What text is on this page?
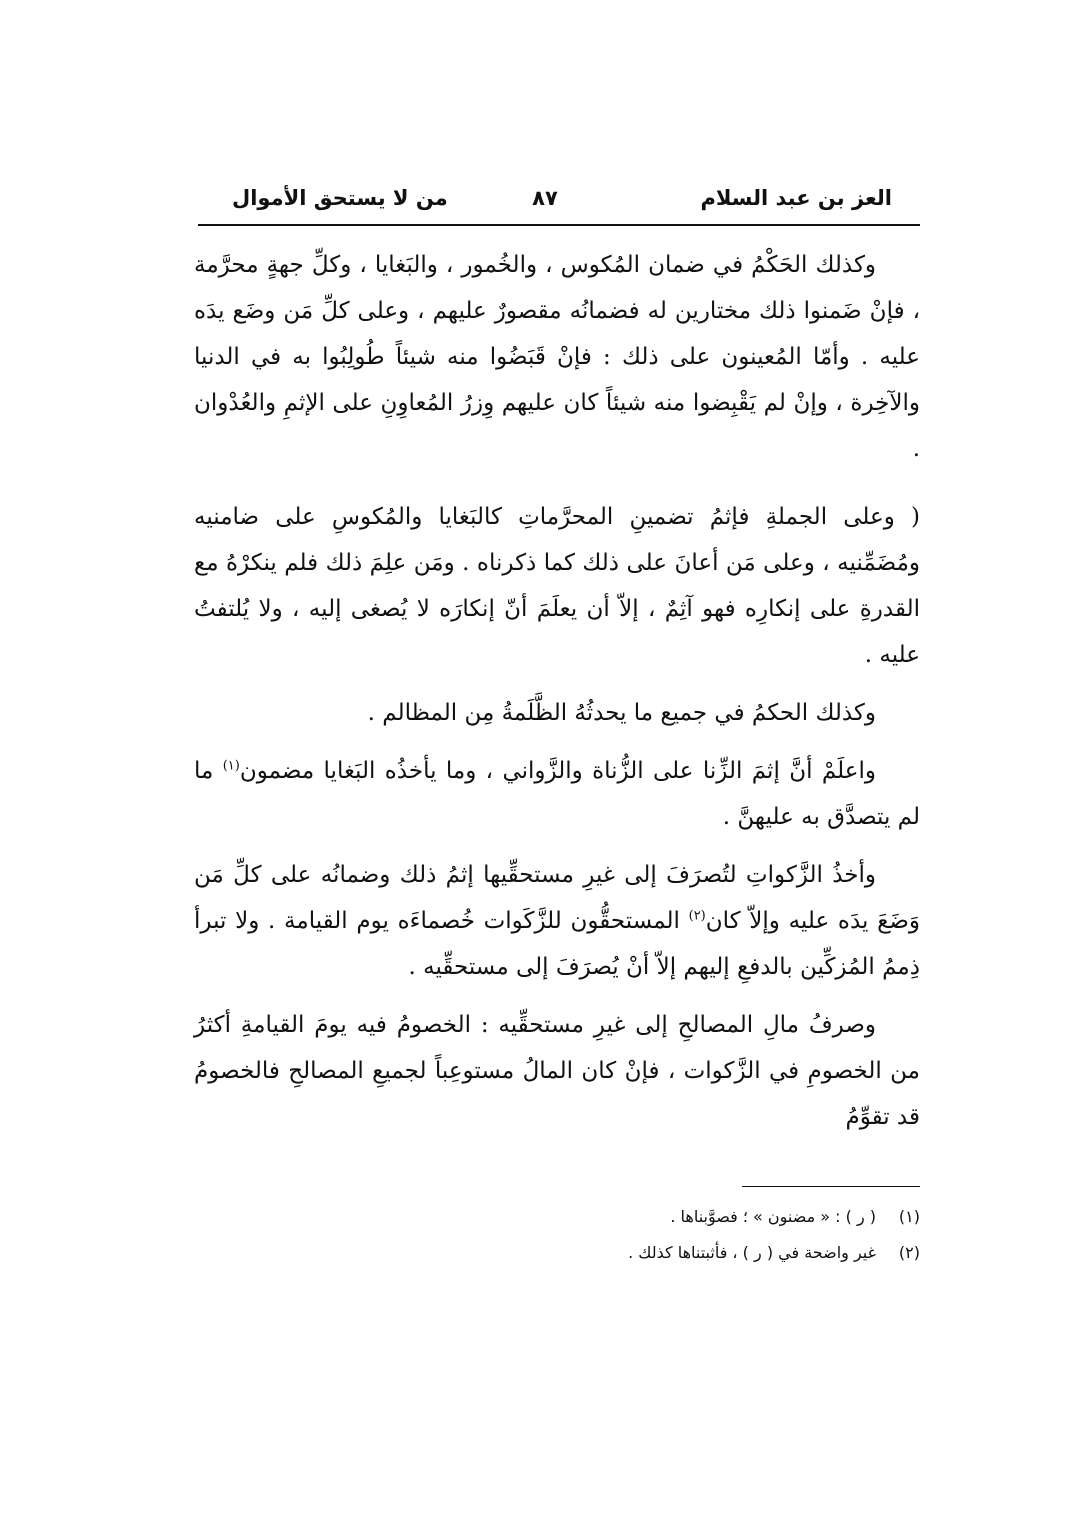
العز بن عبد السلام
٨٧
من لا يستحق الأموال

وكذلك الحَكْمُ في ضمان المُكوس ، والخُمور ، والبَغايا ، وكلِّ جهةٍ محرَّمة ، فإنْ ضَمنوا ذلك مختارين له فضمانُه مقصورٌ عليهم ، وعلى كلِّ مَن وضَع يدَه عليه . وأمّا المُعينون على ذلك : فإنْ قَبَضُوا منه شيئاً طُولِبُوا به في الدنيا والآخِرة ، وإنْ لم يَقْبِضوا منه شيئاً كان عليهم وِزرُ المُعاوِنِ على الإثمِ والعُدْوان .

( وعلى الجملةِ فإثمُ تضمينِ المحرَّماتِ كالبَغايا والمُكوسِ على ضامنيه ومُضَمِّنيه ، وعلى مَن أعانَ على ذلك كما ذكرناه . ومَن علِمَ ذلك فلم ينكرْهُ مع القدرةِ على إنكارِه فهو آثِمٌ ، إلاّ أن يعلَمَ أنّ إنكارَه لا يُصغى إليه ، ولا يُلتفتُ عليه .

وكذلك الحكمُ في جميع ما يحدثُهُ الظَّلَمةُ مِن المظالم .

واعلَمْ أنَّ إثمَ الزِّنا على الزُّناة والزَّواني ، وما يأخذُه البَغايا مضمون$^{(١)}$ ما لم يتصدَّق به عليهنَّ .

وأخذُ الزَّكواتِ لتُصرَفَ إلى غيرِ مستحقِّيها إثمُ ذلك وضمانُه على كلِّ مَن وَضَعَ يدَه عليه وإلاّ كان$^{(٢)}$ المستحقُّون للزَّكَوات خُصماءَه يوم القيامة . ولا تبرأ ذِممُ المُزكِّين بالدفعِ إليهم إلاّ أنْ يُصرَفَ إلى مستحقِّيه .

وصرفُ مالِ المصالحِ إلى غيرِ مستحقِّيه : الخصومُ فيه يومَ القيامةِ أكثرُ من الخصومِ في الزَّكوات ، فإنْ كان المالُ مستوعِباً لجميعِ المصالحِ فالخصومُ قد تقوِّمُ

(١)( ر ) : « مضنون » ؛ فصوَّبناها .
(٢)غير واضحة في ( ر ) ، فأثبتناها كذلك .
